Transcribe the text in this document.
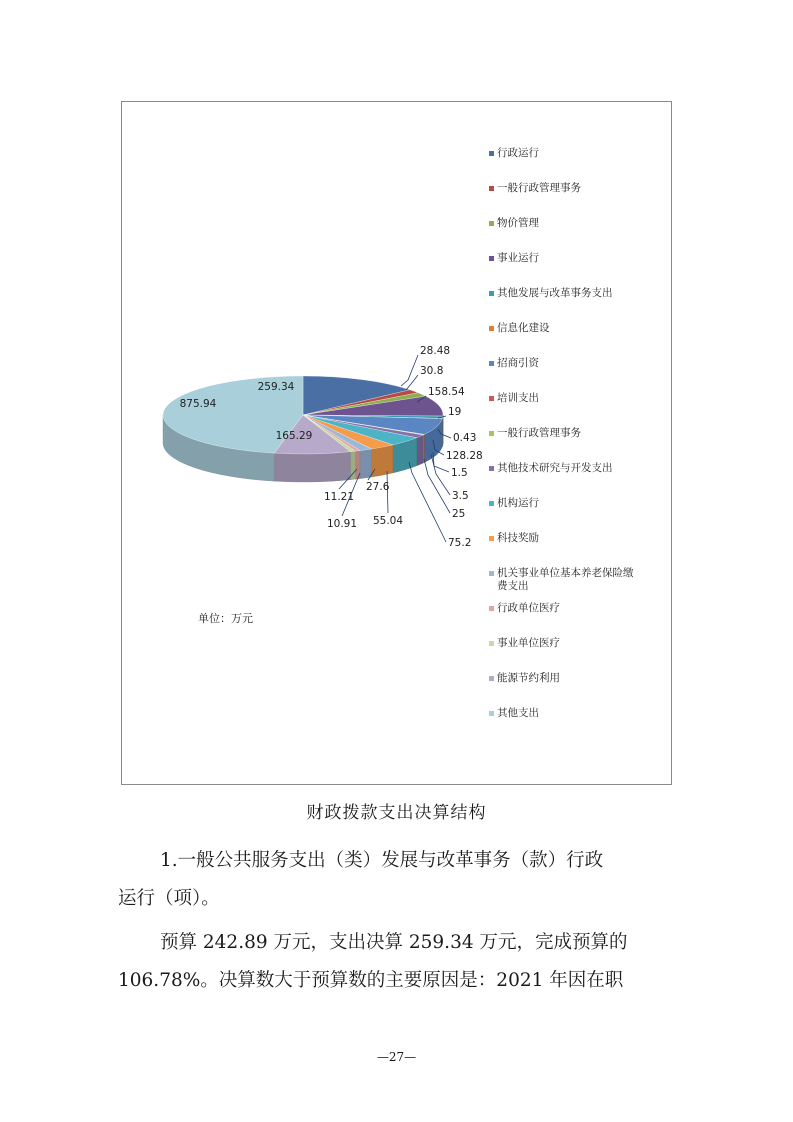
259.34
28.48
30.8
158.54
19
0.43
128.28
1.5
3.5
25
75.2
55.04
27.6
10.91
11.21
165.29
875.94
行政运行
一般行政管理事务
物价管理
事业运行
其他发展与改革事务支出
信息化建设
招商引资
培训支出
一般行政管理事务
其他技术研究与开发支出
机构运行
科技奖励
机关事业单位基本养老保险缴费支出
行政单位医疗
事业单位医疗
能源节约利用
其他支出
单位：万元
财政拨款支出决算结构
1.一般公共服务支出（类）发展与改革事务（款）行政
运行（项）。
预算 242.89 万元，支出决算 259.34 万元，完成预算的
106.78%。决算数大于预算数的主要原因是：2021 年因在职
—27—
